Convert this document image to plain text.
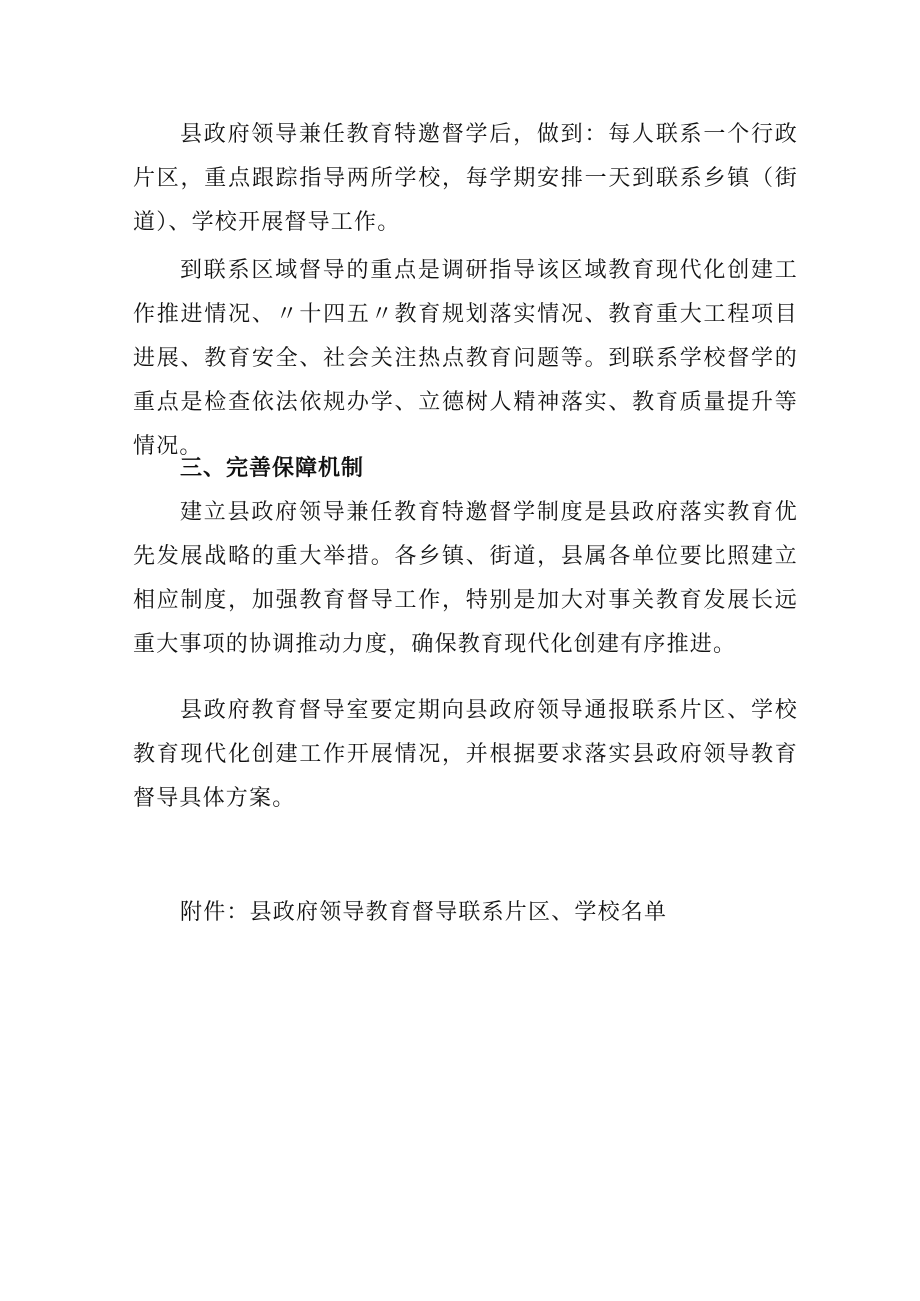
县政府领导兼任教育特邀督学后，做到：每人联系一个行政片区，重点跟踪指导两所学校，每学期安排一天到联系乡镇（街道）、学校开展督导工作。

到联系区域督导的重点是调研指导该区域教育现代化创建工作推进情况、〃十四五〃教育规划落实情况、教育重大工程项目进展、教育安全、社会关注热点教育问题等。到联系学校督学的重点是检查依法依规办学、立德树人精神落实、教育质量提升等情况。

三、完善保障机制

建立县政府领导兼任教育特邀督学制度是县政府落实教育优先发展战略的重大举措。各乡镇、街道，县属各单位要比照建立相应制度，加强教育督导工作，特别是加大对事关教育发展长远重大事项的协调推动力度，确保教育现代化创建有序推进。

县政府教育督导室要定期向县政府领导通报联系片区、学校教育现代化创建工作开展情况，并根据要求落实县政府领导教育督导具体方案。

附件：县政府领导教育督导联系片区、学校名单
